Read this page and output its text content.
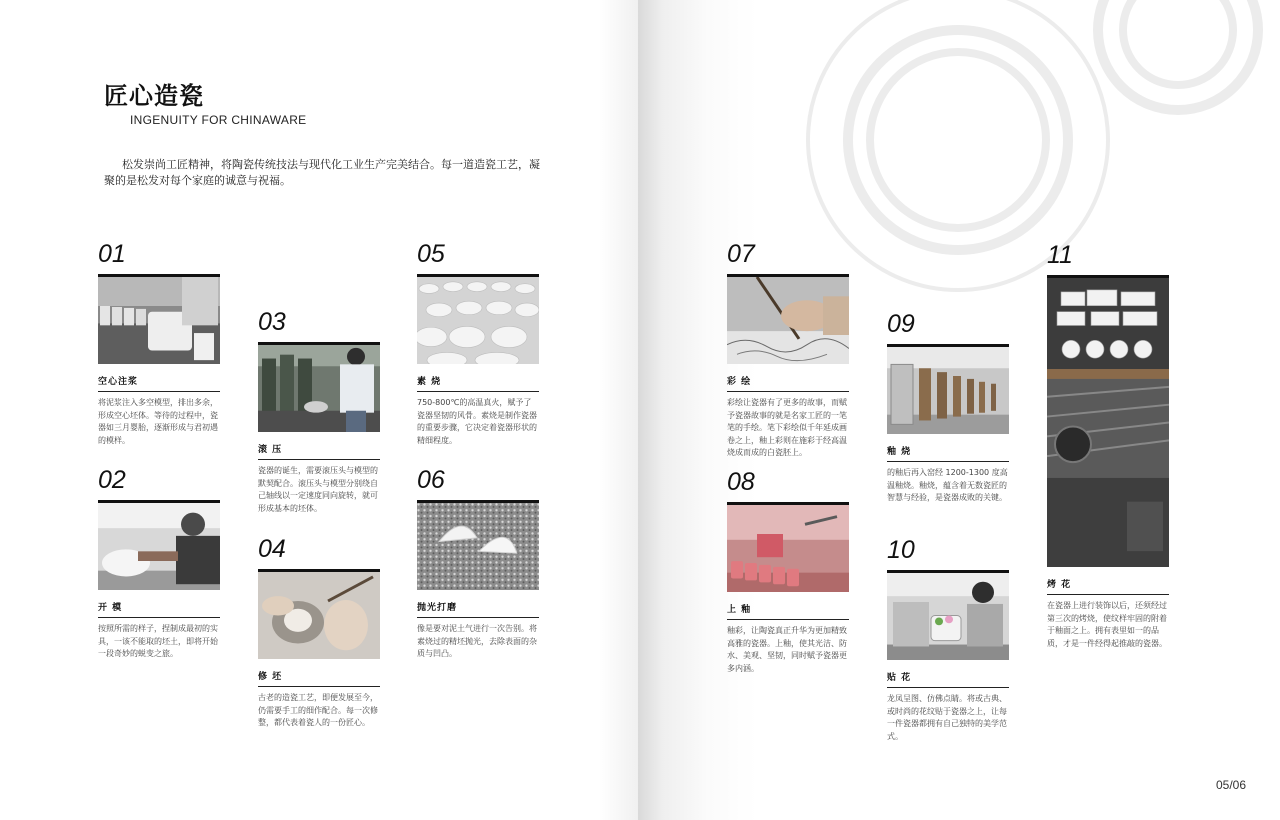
匠心造瓷
INGENUITY FOR CHINAWARE
松发崇尚工匠精神，将陶瓷传统技法与现代化工业生产完美结合。每一道造瓷工艺，凝聚的是松发对每个家庭的诚意与祝福。
01
空心注浆
将泥浆注入多空模型，排出多余，形成空心坯体。等待的过程中，瓷器如三月婴胎，逐渐形成与君初遇的模样。
02
开 模
按照所需的样子，捏制成最初的实具，一该不能取的坯土，即将开始一段奇妙的蜕变之旅。
03
滚 压
瓷器的诞生，需要滚压头与模型的默契配合。滚压头与模型分别绕自己轴线以一定速度同向旋转，就可形成基本的坯体。
04
修 坯
古老的造瓷工艺，即便发展至今，仍需要手工的细作配合。每一次修整，都代表着瓷人的一份匠心。
05
素 烧
750-800℃的高温真火，赋予了瓷器坚韧的风骨。素烧是制作瓷器的重要步骤，它决定着瓷器形状的精细程度。
06
抛光打磨
像是要对泥土气进行一次告别。将素烧过的精坯抛光，去除表面的杂质与凹凸。
07
彩 绘
彩绘让瓷器有了更多的故事，而赋予瓷器故事的就是名家工匠的一笔笔的手绘。笔下彩绘似千年延成画卷之上，釉上彩则在施彩于经高温烧成而成的白瓷胚上。
08
上 釉
釉彩，让陶瓷真正升华为更加精致高雅的瓷器。上釉，使其光洁、防水、美观、坚韧，同时赋予瓷器更多内涵。
09
釉 烧
的釉后再入窑经 1200-1300 度高温釉烧。釉烧，蕴含着无数瓷匠的智慧与经验，是瓷器成败的关键。
10
贴 花
龙凤呈图、仿佛点睛。将或古典、或时尚的花纹贴于瓷器之上，让每一件瓷器都拥有自己独特的美学范式。
11
烤 花
在瓷器上进行装饰以后，还须经过第三次的烤烧，使纹样牢固的附着于釉面之上。拥有表里如一的品质，才是一件经得起推敲的瓷器。
05/06
